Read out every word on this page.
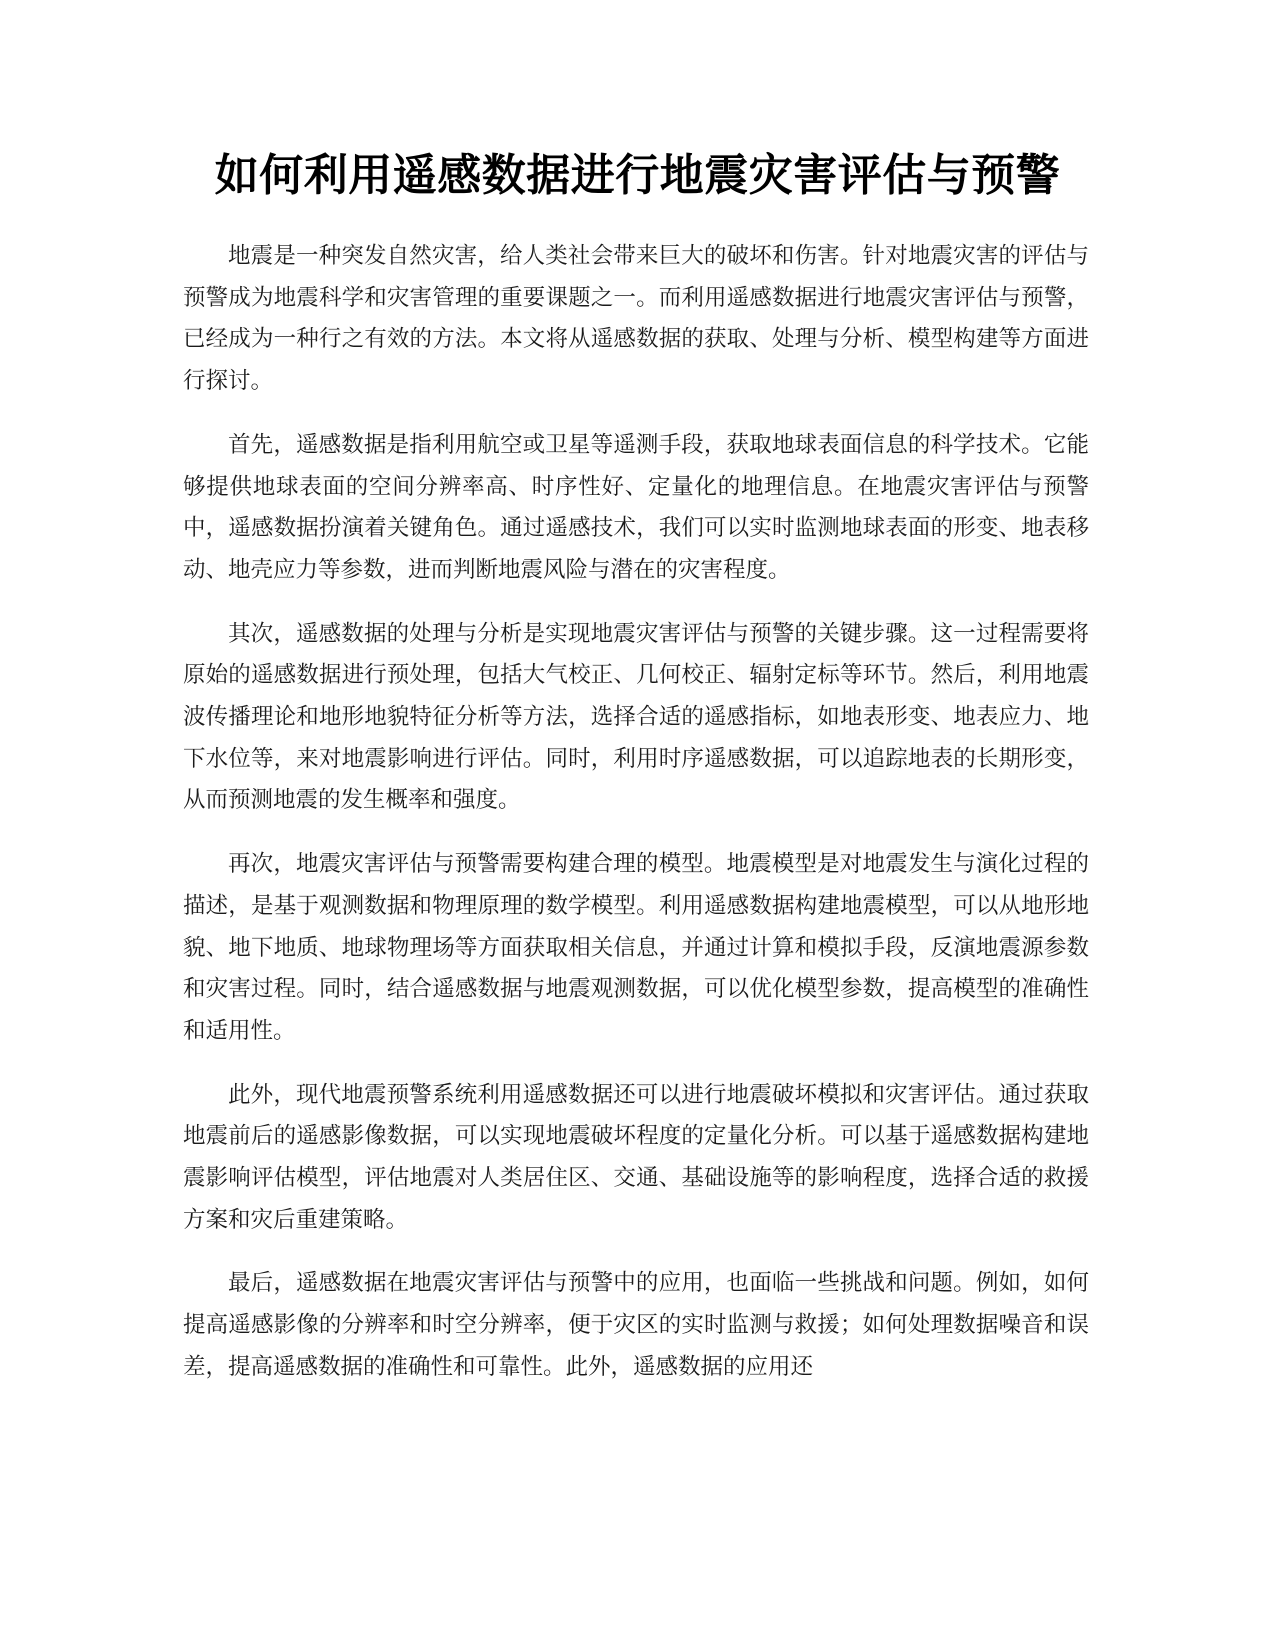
如何利用遥感数据进行地震灾害评估与预警

地震是一种突发自然灾害，给人类社会带来巨大的破坏和伤害。针对地震灾害的评估与预警成为地震科学和灾害管理的重要课题之一。而利用遥感数据进行地震灾害评估与预警，已经成为一种行之有效的方法。本文将从遥感数据的获取、处理与分析、模型构建等方面进行探讨。

首先，遥感数据是指利用航空或卫星等遥测手段，获取地球表面信息的科学技术。它能够提供地球表面的空间分辨率高、时序性好、定量化的地理信息。在地震灾害评估与预警中，遥感数据扮演着关键角色。通过遥感技术，我们可以实时监测地球表面的形变、地表移动、地壳应力等参数，进而判断地震风险与潜在的灾害程度。

其次，遥感数据的处理与分析是实现地震灾害评估与预警的关键步骤。这一过程需要将原始的遥感数据进行预处理，包括大气校正、几何校正、辐射定标等环节。然后，利用地震波传播理论和地形地貌特征分析等方法，选择合适的遥感指标，如地表形变、地表应力、地下水位等，来对地震影响进行评估。同时，利用时序遥感数据，可以追踪地表的长期形变，从而预测地震的发生概率和强度。

再次，地震灾害评估与预警需要构建合理的模型。地震模型是对地震发生与演化过程的描述，是基于观测数据和物理原理的数学模型。利用遥感数据构建地震模型，可以从地形地貌、地下地质、地球物理场等方面获取相关信息，并通过计算和模拟手段，反演地震源参数和灾害过程。同时，结合遥感数据与地震观测数据，可以优化模型参数，提高模型的准确性和适用性。

此外，现代地震预警系统利用遥感数据还可以进行地震破坏模拟和灾害评估。通过获取地震前后的遥感影像数据，可以实现地震破坏程度的定量化分析。可以基于遥感数据构建地震影响评估模型，评估地震对人类居住区、交通、基础设施等的影响程度，选择合适的救援方案和灾后重建策略。

最后，遥感数据在地震灾害评估与预警中的应用，也面临一些挑战和问题。例如，如何提高遥感影像的分辨率和时空分辨率，便于灾区的实时监测与救援；如何处理数据噪音和误差，提高遥感数据的准确性和可靠性。此外，遥感数据的应用还
